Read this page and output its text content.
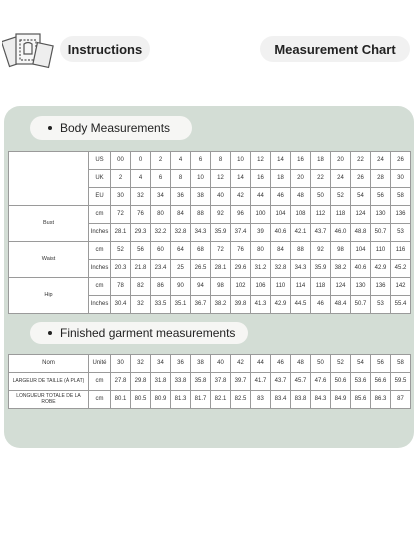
Instructions	Measurement Chart
Body Measurements
	US	00	0	2	4	6	8	10	12	14	16	18	20	22	24	26
	UK	2	4	6	8	10	12	14	16	18	20	22	24	26	28	30
	EU	30	32	34	36	38	40	42	44	46	48	50	52	54	56	58
Bust	cm	72	76	80	84	88	92	96	100	104	108	112	118	124	130	136
	Inches	28.1	29.3	32.2	32.8	34.3	35.9	37.4	39	40.6	42.1	43.7	46.0	48.8	50.7	53
Waist	cm	52	56	60	64	68	72	76	80	84	88	92	98	104	110	116
	Inches	20.3	21.8	23.4	25	26.5	28.1	29.6	31.2	32.8	34.3	35.9	38.2	40.6	42.9	45.2
Hip	cm	78	82	86	90	94	98	102	106	110	114	118	124	130	136	142
	Inches	30.4	32	33.5	35.1	36.7	38.2	39.8	41.3	42.9	44.5	46	48.4	50.7	53	55.4
Finished garment measurements
Nom	Unité	30	32	34	36	38	40	42	44	46	48	50	52	54	56	58
LARGEUR DE TAILLE (À PLAT)	cm	27.8	29.8	31.8	33.8	35.8	37.8	39.7	41.7	43.7	45.7	47.6	50.6	53.6	56.6	59.5
LONGUEUR TOTALE DE LA ROBE	cm	80.1	80.5	80.9	81.3	81.7	82.1	82.5	83	83.4	83.8	84.3	84.9	85.6	86.3	87
